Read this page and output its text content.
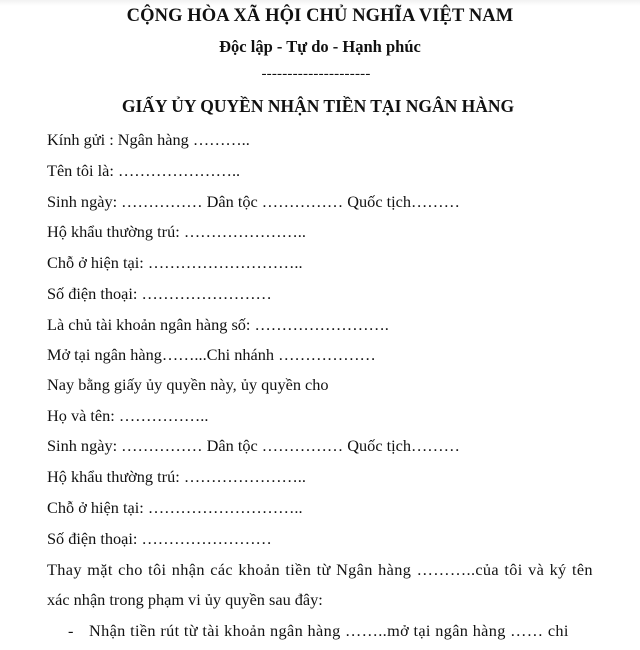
CỘNG HÒA XÃ HỘI CHỦ NGHĨA VIỆT NAM
Độc lập - Tự do - Hạnh phúc
---------------------
GIẤY ỦY QUYỀN NHẬN TIỀN TẠI NGÂN HÀNG
Kính gửi : Ngân hàng ………..
Tên tôi là: …………………..
Sinh ngày: …………… Dân tộc …………… Quốc tịch………
Hộ khẩu thường trú: …………………..
Chỗ ở hiện tại: ………………………..
Số điện thoại: ……………………
Là chủ tài khoản ngân hàng số: …………………….
Mở tại ngân hàng……...Chi nhánh ………………
Nay bằng giấy ủy quyền này, ủy quyền cho
Họ và tên: ……………..
Sinh ngày: …………… Dân tộc …………… Quốc tịch………
Hộ khẩu thường trú: …………………..
Chỗ ở hiện tại: ………………………..
Số điện thoại: ……………………
Thay mặt cho tôi nhận các khoản tiền từ Ngân hàng ………..của tôi và ký tên
xác nhận trong phạm vi ủy quyền sau đây:
- Nhận tiền rút từ tài khoản ngân hàng ……..mở tại ngân hàng …… chi
